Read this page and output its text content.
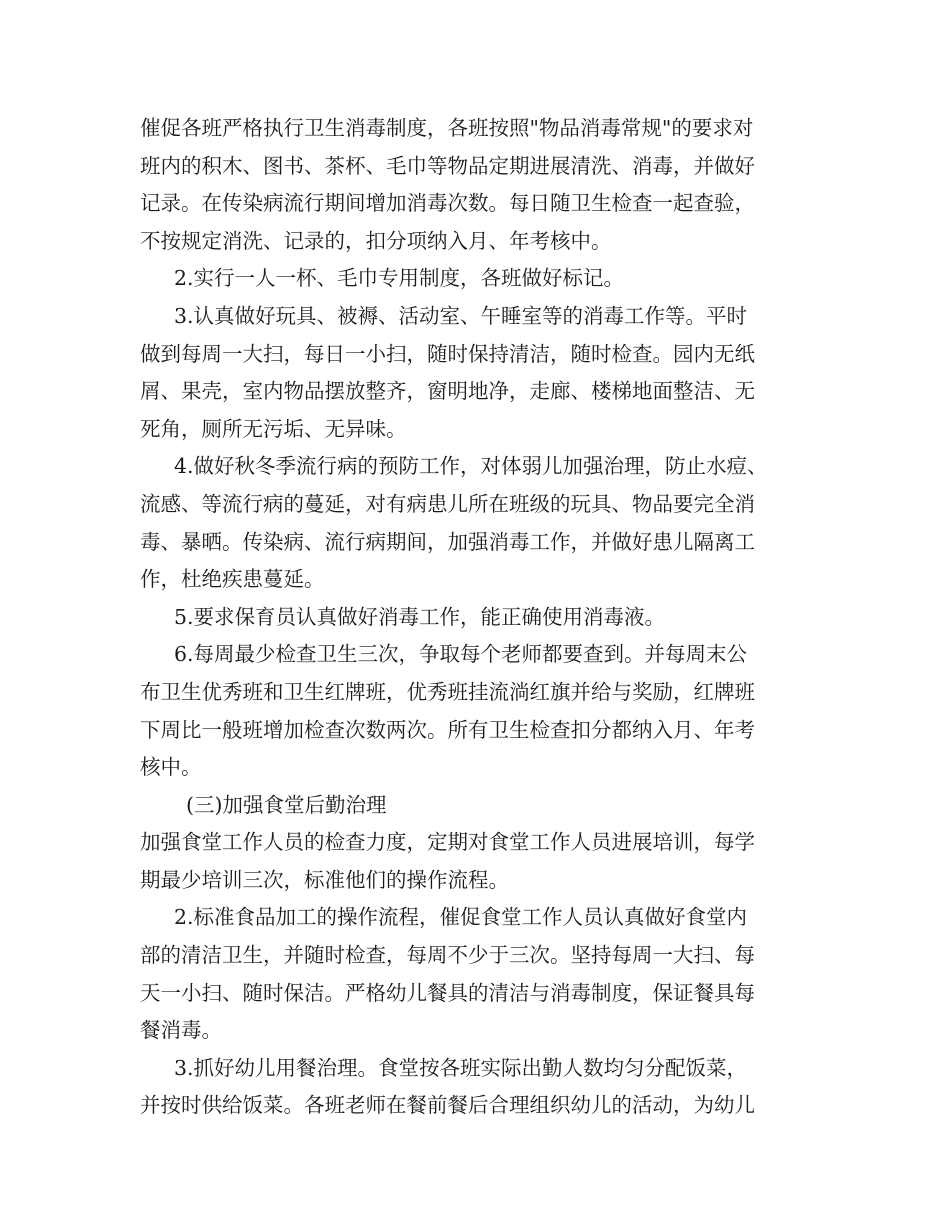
催促各班严格执行卫生消毒制度，各班按照"物品消毒常规"的要求对
班内的积木、图书、茶杯、毛巾等物品定期进展清洗、消毒，并做好
记录。在传染病流行期间增加消毒次数。每日随卫生检查一起查验，
不按规定消洗、记录的，扣分项纳入月、年考核中。
2.实行一人一杯、毛巾专用制度，各班做好标记。
3.认真做好玩具、被褥、活动室、午睡室等的消毒工作等。平时
做到每周一大扫，每日一小扫，随时保持清洁，随时检查。园内无纸
屑、果壳，室内物品摆放整齐，窗明地净，走廊、楼梯地面整洁、无
死角，厕所无污垢、无异味。
4.做好秋冬季流行病的预防工作，对体弱儿加强治理，防止水痘、
流感、等流行病的蔓延，对有病患儿所在班级的玩具、物品要完全消
毒、暴晒。传染病、流行病期间，加强消毒工作，并做好患儿隔离工
作，杜绝疾患蔓延。
5.要求保育员认真做好消毒工作，能正确使用消毒液。
6.每周最少检查卫生三次，争取每个老师都要查到。并每周末公
布卫生优秀班和卫生红牌班，优秀班挂流淌红旗并给与奖励，红牌班
下周比一般班增加检查次数两次。所有卫生检查扣分都纳入月、年考
核中。
(三)加强食堂后勤治理
加强食堂工作人员的检查力度，定期对食堂工作人员进展培训，每学
期最少培训三次，标准他们的操作流程。
2.标准食品加工的操作流程，催促食堂工作人员认真做好食堂内
部的清洁卫生，并随时检查，每周不少于三次。坚持每周一大扫、每
天一小扫、随时保洁。严格幼儿餐具的清洁与消毒制度，保证餐具每
餐消毒。
3.抓好幼儿用餐治理。食堂按各班实际出勤人数均匀分配饭菜，
并按时供给饭菜。各班老师在餐前餐后合理组织幼儿的活动，为幼儿
